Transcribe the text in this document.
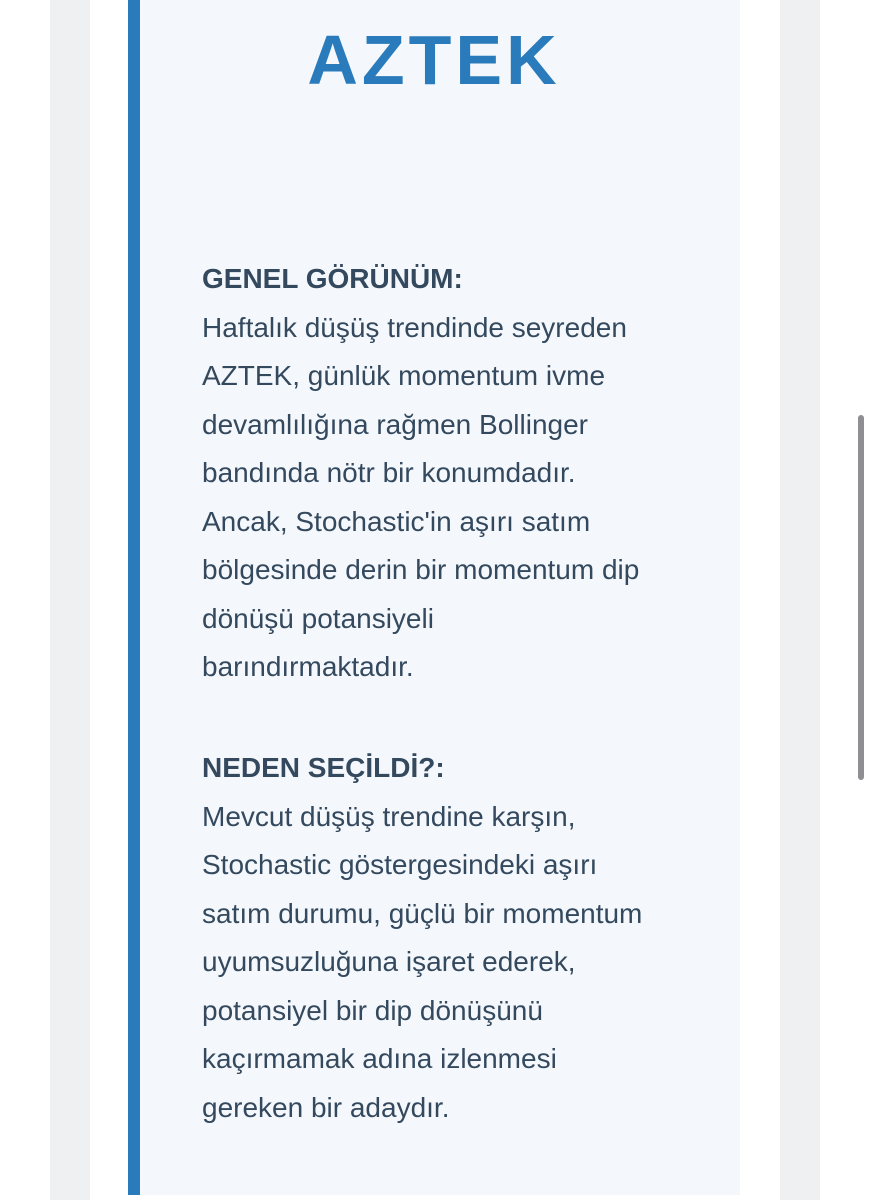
AZTEK
GENEL GÖRÜNÜM:
Haftalık düşüş trendinde seyreden
AZTEK, günlük momentum ivme
devamlılığına rağmen Bollinger
bandında nötr bir konumdadır.
Ancak, Stochastic'in aşırı satım
bölgesinde derin bir momentum dip
dönüşü potansiyeli
barındırmaktadır.
NEDEN SEÇİLDİ?:
Mevcut düşüş trendine karşın,
Stochastic göstergesindeki aşırı
satım durumu, güçlü bir momentum
uyumsuzluğuna işaret ederek,
potansiyel bir dip dönüşünü
kaçırmamak adına izlenmesi
gereken bir adaydır.
